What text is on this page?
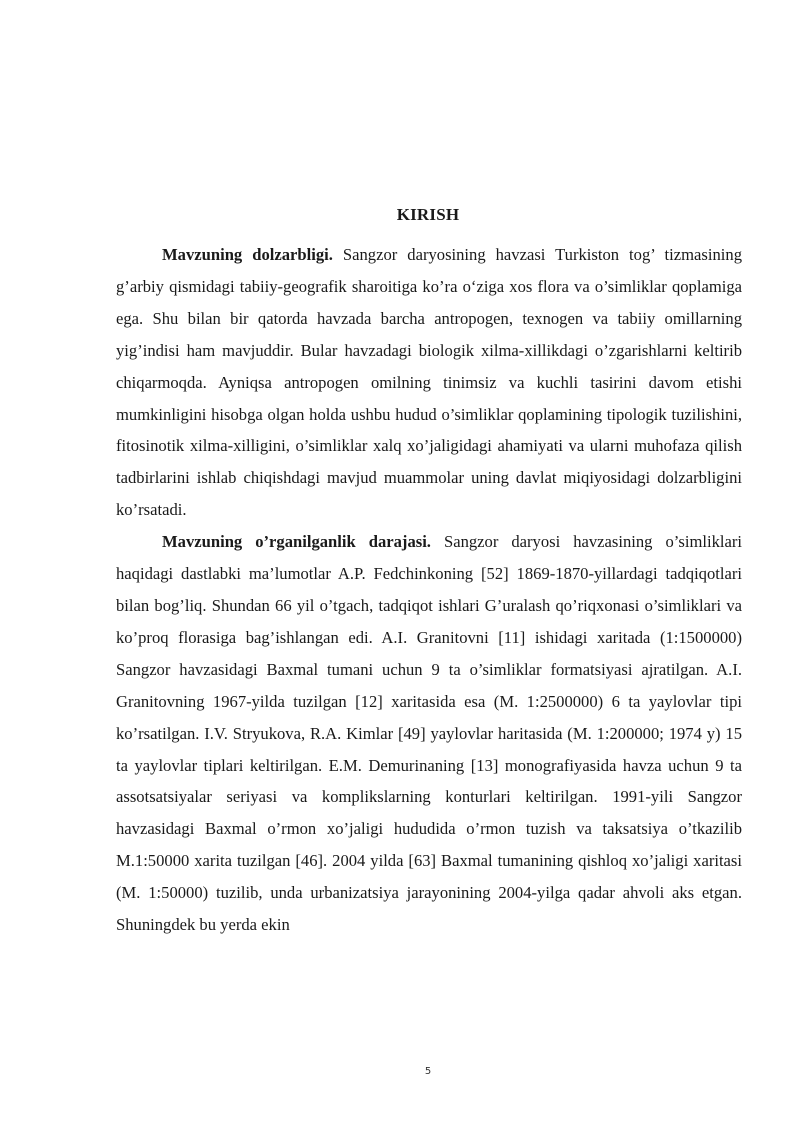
KIRISH

Mavzuning dolzarbligi. Sangzor daryosining havzasi Turkiston tog’ tizmasining g’arbiy qismidagi tabiiy-geografik sharoitiga ko’ra o‘ziga xos flora va o’simliklar qoplamiga ega. Shu bilan bir qatorda havzada barcha antropogen, texnogen va tabiiy omillarning yig’indisi ham mavjuddir. Bular havzadagi biologik xilma-xillikdagi o’zgarishlarni keltirib chiqarmoqda. Ayniqsa antropogen omilning tinimsiz va kuchli tasirini davom etishi mumkinligini hisobga olgan holda ushbu hudud o’simliklar qoplamining tipologik tuzilishini, fitosinotik xilma-xilligini, o’simliklar xalq xo’jaligidagi ahamiyati va ularni muhofaza qilish tadbirlarini ishlab chiqishdagi mavjud muammolar uning davlat miqiyosidagi dolzarbligini ko’rsatadi.

Mavzuning o’rganilganlik darajasi. Sangzor daryosi havzasining o’simliklari haqidagi dastlabki ma’lumotlar A.P. Fedchinkoning [52] 1869-1870-yillardagi tadqiqotlari bilan bog’liq. Shundan 66 yil o’tgach, tadqiqot ishlari G’uralash qo’riqxonasi o’simliklari va ko’proq florasiga bag’ishlangan edi. A.I. Granitovni [11] ishidagi xaritada (1:1500000) Sangzor havzasidagi Baxmal tumani uchun 9 ta o’simliklar formatsiyasi ajratilgan. A.I. Granitovning 1967-yilda tuzilgan [12] xaritasida esa (M. 1:2500000) 6 ta yaylovlar tipi ko’rsatilgan. I.V. Stryukova, R.A. Kimlar [49] yaylovlar haritasida (M. 1:200000; 1974 y) 15 ta yaylovlar tiplari keltirilgan. E.M. Demurinaning [13] monografiyasida havza uchun 9 ta assotsatsiyalar seriyasi va komplikslarning konturlari keltirilgan. 1991-yili Sangzor havzasidagi Baxmal o’rmon xo’jaligi hududida o’rmon tuzish va taksatsiya o’tkazilib M.1:50000 xarita tuzilgan [46]. 2004 yilda [63] Baxmal tumanining qishloq xo’jaligi xaritasi (M. 1:50000) tuzilib, unda urbanizatsiya jarayonining 2004-yilga qadar ahvoli aks etgan. Shuningdek bu yerda ekin

5
